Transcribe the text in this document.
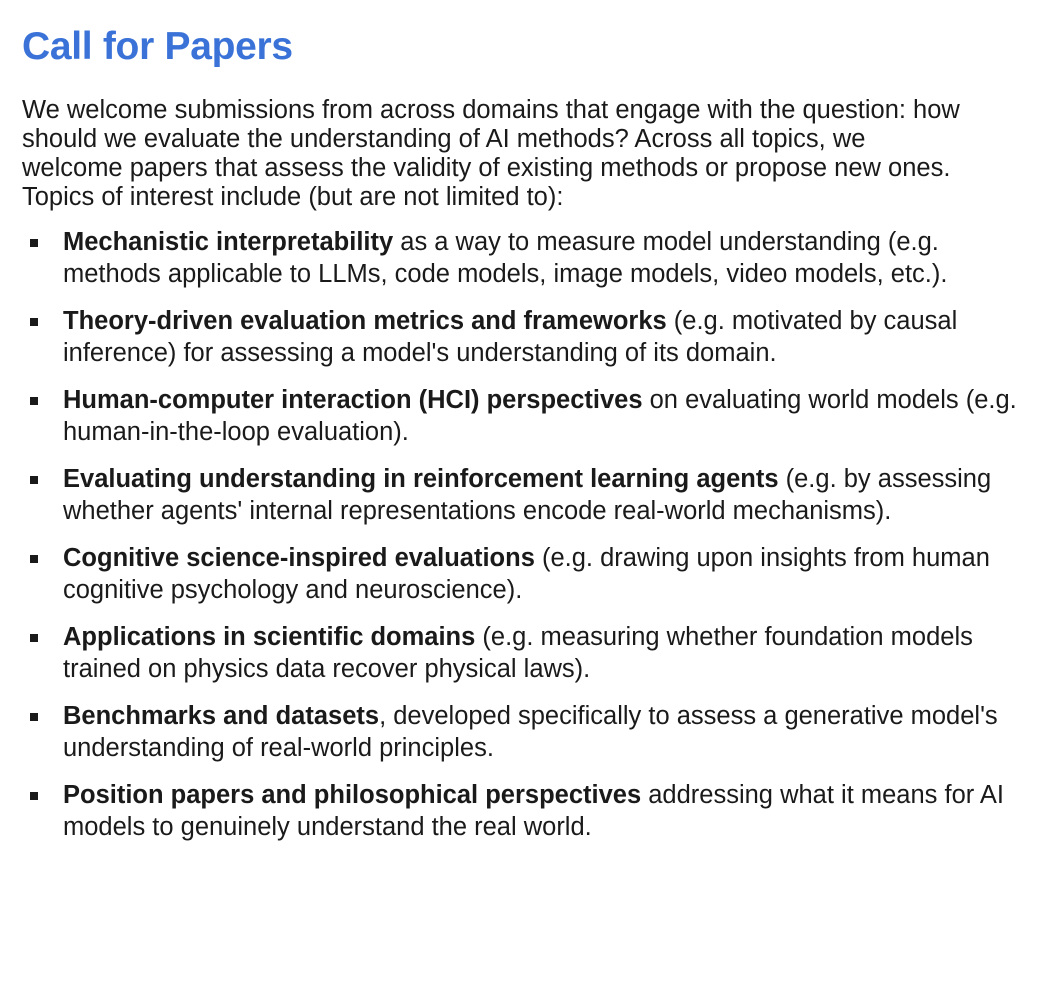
Call for Papers

We welcome submissions from across domains that engage with the question: how should we evaluate the understanding of AI methods? Across all topics, we welcome papers that assess the validity of existing methods or propose new ones. Topics of interest include (but are not limited to):

Mechanistic interpretability as a way to measure model understanding (e.g. methods applicable to LLMs, code models, image models, video models, etc.).
Theory-driven evaluation metrics and frameworks (e.g. motivated by causal inference) for assessing a model's understanding of its domain.
Human-computer interaction (HCI) perspectives on evaluating world models (e.g. human-in-the-loop evaluation).
Evaluating understanding in reinforcement learning agents (e.g. by assessing whether agents' internal representations encode real-world mechanisms).
Cognitive science-inspired evaluations (e.g. drawing upon insights from human cognitive psychology and neuroscience).
Applications in scientific domains (e.g. measuring whether foundation models trained on physics data recover physical laws).
Benchmarks and datasets, developed specifically to assess a generative model's understanding of real-world principles.
Position papers and philosophical perspectives addressing what it means for AI models to genuinely understand the real world.
